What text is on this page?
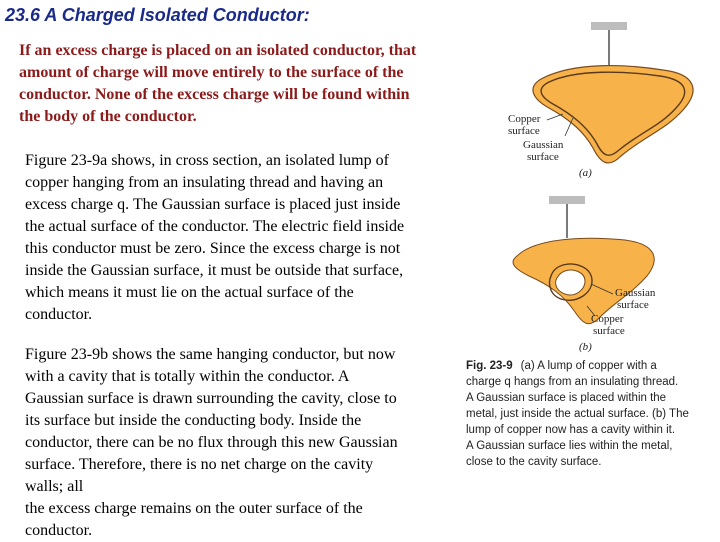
23.6 A Charged Isolated Conductor:
If an excess charge is placed on an isolated conductor, that
amount of charge will move entirely to the surface of the
conductor. None of the excess charge will be found within
the body of the conductor.
Figure 23-9a shows, in cross section, an isolated lump of
copper hanging from an insulating thread and having an
excess charge q. The Gaussian surface is placed just inside
the actual surface of the conductor. The electric field inside
this conductor must be zero. Since the excess charge is not
inside the Gaussian surface, it must be outside that surface,
which means it must lie on the actual surface of the
conductor.
Figure 23-9b shows the same hanging conductor, but now
with a cavity that is totally within the conductor. A
Gaussian surface is drawn surrounding the cavity, close to
its surface but inside the conducting body. Inside the
conductor, there can be no flux through this new Gaussian
surface. Therefore, there is no net charge on the cavity
walls; all
the excess charge remains on the outer surface of the
conductor.
Copper
surface
Gaussian
surface
(a)
Gaussian
surface
Copper
surface
(b)
Fig. 23-9 (a) A lump of copper with a
charge q hangs from an insulating thread.
A Gaussian surface is placed within the
metal, just inside the actual surface. (b) The
lump of copper now has a cavity within it.
A Gaussian surface lies within the metal,
close to the cavity surface.
